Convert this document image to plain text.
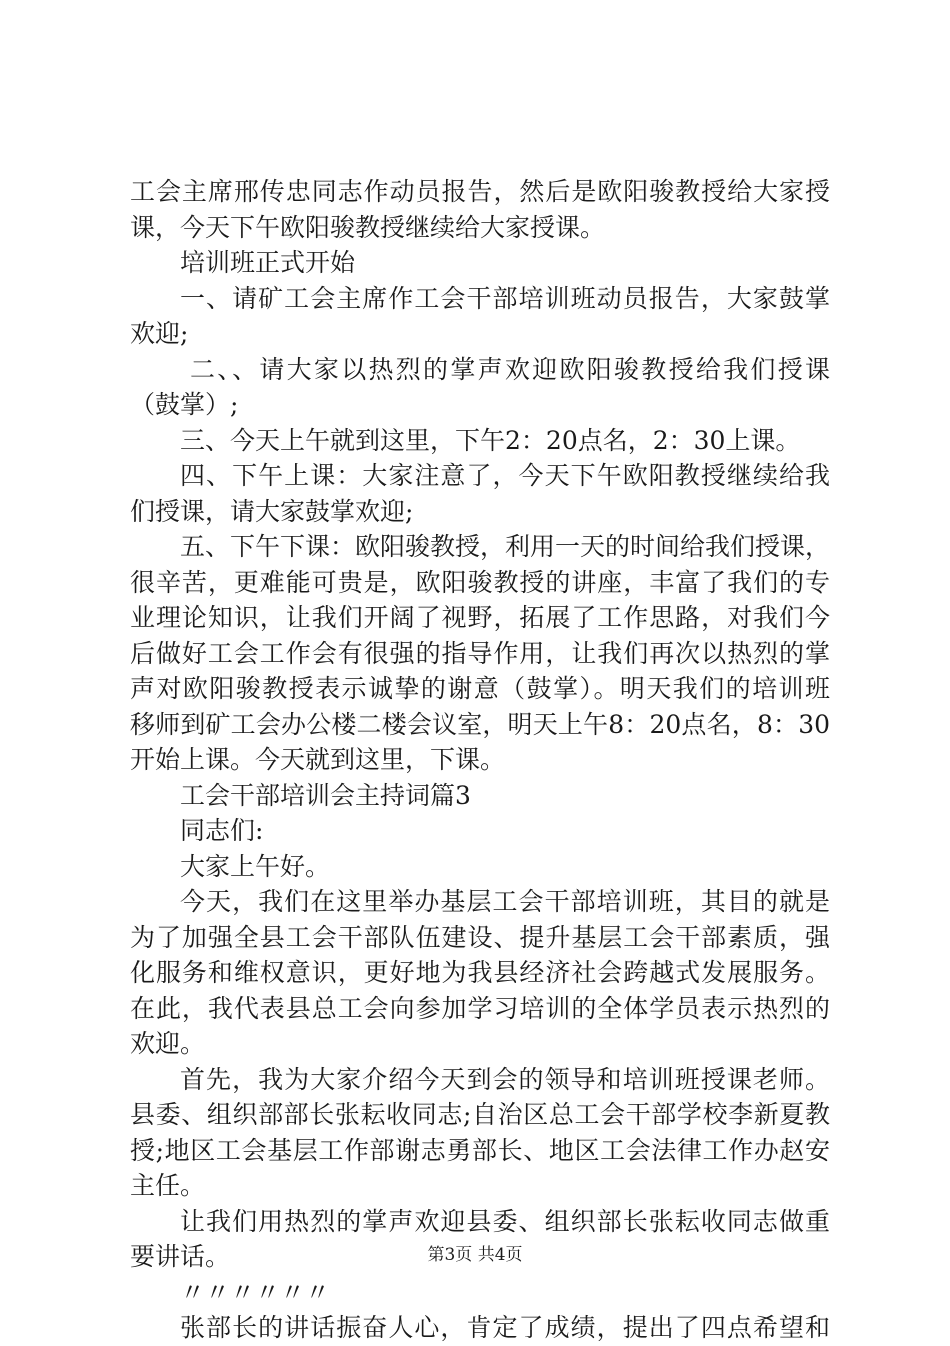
工会主席邢传忠同志作动员报告，然后是欧阳骏教授给大家授
课，今天下午欧阳骏教授继续给大家授课。
培训班正式开始
一、请矿工会主席作工会干部培训班动员报告，大家鼓掌
欢迎;
二、、请大家以热烈的掌声欢迎欧阳骏教授给我们授课
（鼓掌）;
三、今天上午就到这里，下午2：20点名，2：30上课。
四、下午上课：大家注意了，今天下午欧阳教授继续给我
们授课，请大家鼓掌欢迎;
五、下午下课：欧阳骏教授，利用一天的时间给我们授课，
很辛苦，更难能可贵是，欧阳骏教授的讲座，丰富了我们的专
业理论知识，让我们开阔了视野，拓展了工作思路，对我们今
后做好工会工作会有很强的指导作用，让我们再次以热烈的掌
声对欧阳骏教授表示诚挚的谢意（鼓掌）。明天我们的培训班
移师到矿工会办公楼二楼会议室，明天上午8：20点名，8：30
开始上课。今天就到这里，下课。
工会干部培训会主持词篇3
同志们:
大家上午好。
今天，我们在这里举办基层工会干部培训班，其目的就是
为了加强全县工会干部队伍建设、提升基层工会干部素质，强
化服务和维权意识，更好地为我县经济社会跨越式发展服务。
在此，我代表县总工会向参加学习培训的全体学员表示热烈的
欢迎。
首先，我为大家介绍今天到会的领导和培训班授课老师。
县委、组织部部长张耘收同志;自治区总工会干部学校李新夏教
授;地区工会基层工作部谢志勇部长、地区工会法律工作办赵安
主任。
让我们用热烈的掌声欢迎县委、组织部长张耘收同志做重
要讲话。
〃〃〃〃〃〃
张部长的讲话振奋人心，肯定了成绩，提出了四点希望和
第3页 共4页
